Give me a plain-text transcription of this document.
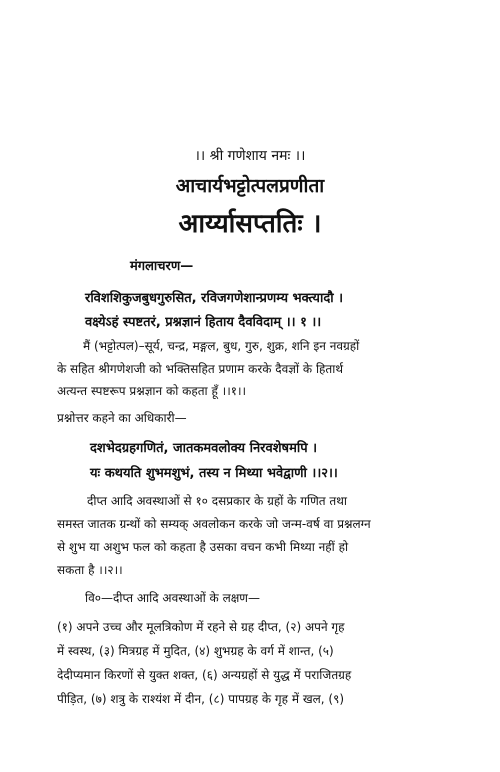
।। श्री गणेशाय नमः ।।
आचार्यभट्टोत्पलप्रणीता
आर्य्यासप्ततिः ।
मंगलाचरण—
रविशशिकुजबुधगुरुसित, रविजगणेशान्प्रणम्य भक्त्यादौ ।
वक्ष्येऽहं स्पष्टतरं, प्रश्नज्ञानं हिताय दैवविदाम् ।। १ ।।
मैं (भट्टोत्पल)–सूर्य, चन्द्र, मङ्गल, बुध, गुरु, शुक्र, शनि इन नवग्रहों
के सहित श्रीगणेशजी को भक्तिसहित प्रणाम करके दैवज्ञों के हितार्थ
अत्यन्त स्पष्टरूप प्रश्नज्ञान को कहता हूँ ।।१।।
प्रश्नोत्तर कहने का अधिकारी—
दशभेदग्रहगणितं, जातकमवलोक्य निरवशेषमपि ।
यः कथयति शुभमशुभं, तस्य न मिथ्या भवेद्वाणी ।।२।।
दीप्त आदि अवस्थाओं से १० दसप्रकार के ग्रहों के गणित तथा
समस्त जातक ग्रन्थों को सम्यक् अवलोकन करके जो जन्म-वर्ष वा प्रश्नलग्न
से शुभ या अशुभ फल को कहता है उसका वचन कभी मिथ्या नहीं हो
सकता है ।।२।।
वि०—दीप्त आदि अवस्थाओं के लक्षण—
(१) अपने उच्च और मूलत्रिकोण में रहने से ग्रह दीप्त, (२) अपने गृह
में स्वस्थ, (३) मित्रग्रह में मुदित, (४) शुभग्रह के वर्ग में शान्त, (५)
देदीप्यमान किरणों से युक्त शक्त, (६) अन्यग्रहों से युद्ध में पराजितग्रह
पीड़ित, (७) शत्रु के राश्यंश में दीन, (८) पापग्रह के गृह में खल, (९)
